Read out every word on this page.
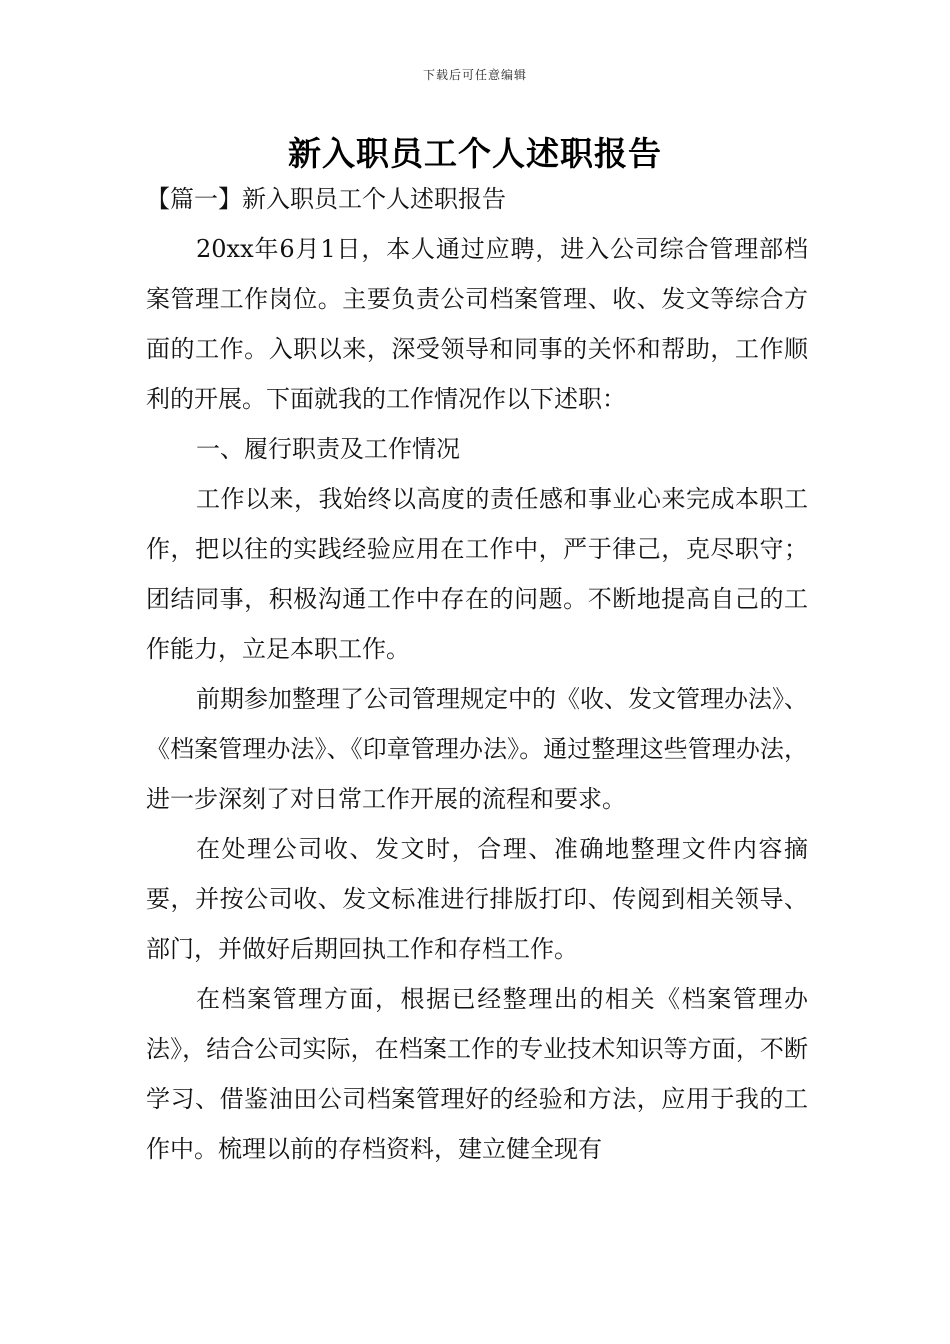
下载后可任意编辑
新入职员工个人述职报告

【篇一】新入职员工个人述职报告

20xx年6月1日，本人通过应聘，进入公司综合管理部档案管理工作岗位。主要负责公司档案管理、收、发文等综合方面的工作。入职以来，深受领导和同事的关怀和帮助，工作顺利的开展。下面就我的工作情况作以下述职：

一、履行职责及工作情况

工作以来，我始终以高度的责任感和事业心来完成本职工作，把以往的实践经验应用在工作中，严于律己，克尽职守；团结同事，积极沟通工作中存在的问题。不断地提高自己的工作能力，立足本职工作。

前期参加整理了公司管理规定中的《收、发文管理办法》、《档案管理办法》、《印章管理办法》。通过整理这些管理办法，进一步深刻了对日常工作开展的流程和要求。

在处理公司收、发文时，合理、准确地整理文件内容摘要，并按公司收、发文标准进行排版打印、传阅到相关领导、部门，并做好后期回执工作和存档工作。

在档案管理方面，根据已经整理出的相关《档案管理办法》，结合公司实际，在档案工作的专业技术知识等方面，不断学习、借鉴油田公司档案管理好的经验和方法，应用于我的工作中。梳理以前的存档资料，建立健全现有
